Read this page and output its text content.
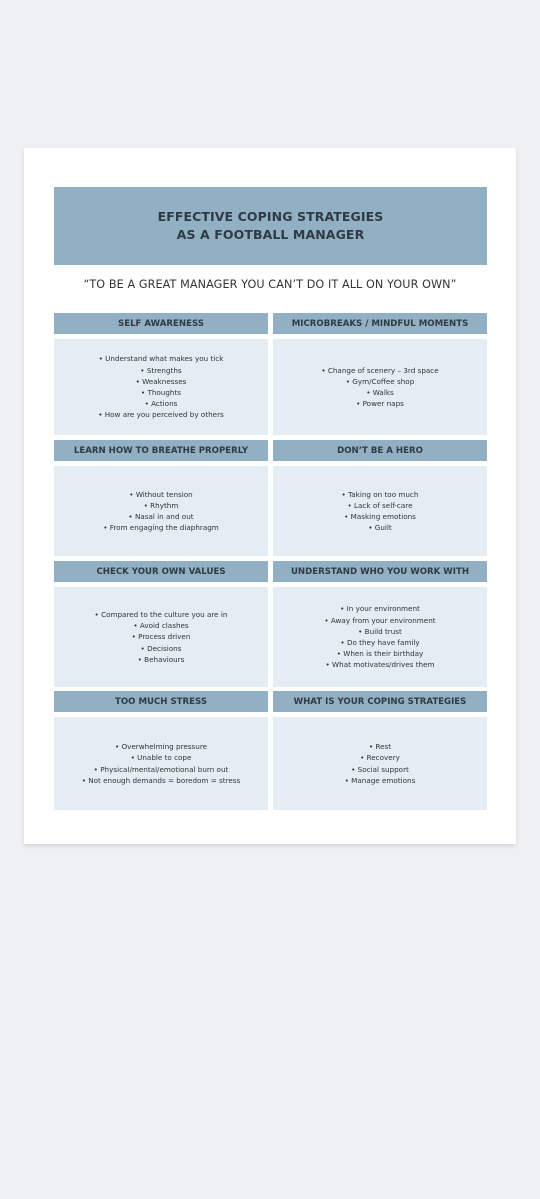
EFFECTIVE COPING STRATEGIES
AS A FOOTBALL MANAGER
“TO BE A GREAT MANAGER YOU CAN’T DO IT ALL ON YOUR OWN”
SELF AWARENESS
• Understand what makes you tick
• Strengths
• Weaknesses
• Thoughts
• Actions
• How are you perceived by others
MICROBREAKS / MINDFUL MOMENTS
• Change of scenery – 3rd space
• Gym/Coffee shop
• Walks
• Power naps
LEARN HOW TO BREATHE PROPERLY
• Without tension
• Rhythm
• Nasal in and out
• From engaging the diaphragm
DON’T BE A HERO
• Taking on too much
• Lack of self-care
• Masking emotions
• Guilt
CHECK YOUR OWN VALUES
• Compared to the culture you are in
• Avoid clashes
• Process driven
• Decisions
• Behaviours
UNDERSTAND WHO YOU WORK WITH
• In your environment
• Away from your environment
• Build trust
• Do they have family
• When is their birthday
• What motivates/drives them
TOO MUCH STRESS
• Overwhelming pressure
• Unable to cope
• Physical/mental/emotional burn out
• Not enough demands = boredom = stress
WHAT IS YOUR COPING STRATEGIES
• Rest
• Recovery
• Social support
• Manage emotions
